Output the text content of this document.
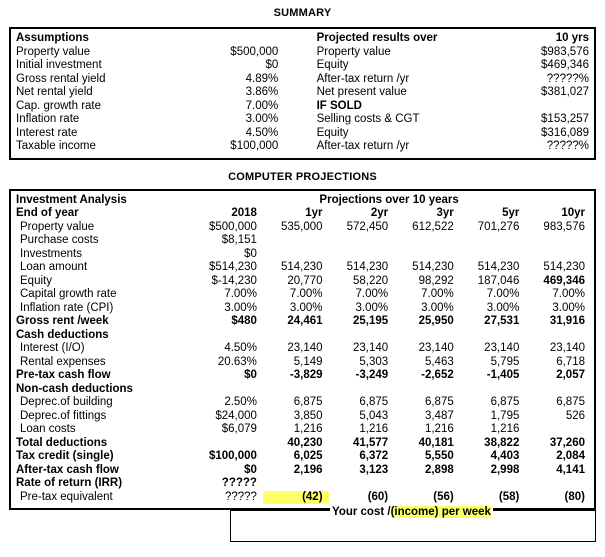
SUMMARY
Assumptions			Projected results over	10 yrs
Property value	$500,000		Property value	$983,576
Initial investment	$0		Equity	$469,346
Gross rental yield	4.89%		After-tax return /yr	?????%
Net rental yield	3.86%		Net present value	$381,027
Cap. growth rate	7.00%		IF SOLD	
Inflation rate	3.00%		Selling costs & CGT	$153,257
Interest rate	4.50%		Equity	$316,089
Taxable income	$100,000		After-tax return /yr	?????%
COMPUTER PROJECTIONS
Investment Analysis	Projections over 10 years					
End of year	2018	1yr	2yr	3yr	5yr	10yr
Property value	$500,000	535,000	572,450	612,522	701,276	983,576
Purchase costs	$8,151					
Investments	$0					
Loan amount	$514,230	514,230	514,230	514,230	514,230	514,230
Equity	$-14,230	20,770	58,220	98,292	187,046	469,346
Capital growth rate	7.00%	7.00%	7.00%	7.00%	7.00%	7.00%
Inflation rate (CPI)	3.00%	3.00%	3.00%	3.00%	3.00%	3.00%
Gross rent /week	$480	24,461	25,195	25,950	27,531	31,916
Cash deductions						
Interest (I/O)	4.50%	23,140	23,140	23,140	23,140	23,140
Rental expenses	20.63%	5,149	5,303	5,463	5,795	6,718
Pre-tax cash flow	$0	-3,829	-3,249	-2,652	-1,405	2,057
Non-cash deductions						
Deprec.of building	2.50%	6,875	6,875	6,875	6,875	6,875
Deprec.of fittings	$24,000	3,850	5,043	3,487	1,795	526
Loan costs	$6,079	1,216	1,216	1,216	1,216	
Total deductions		40,230	41,577	40,181	38,822	37,260
Tax credit (single)	$100,000	6,025	6,372	5,550	4,403	2,084
After-tax cash flow	$0	2,196	3,123	2,898	2,998	4,141
Rate of return (IRR)	?????					
Pre-tax equivalent	?????	(42)	(60)	(56)	(58)	(80)
Your cost /(income) per week
